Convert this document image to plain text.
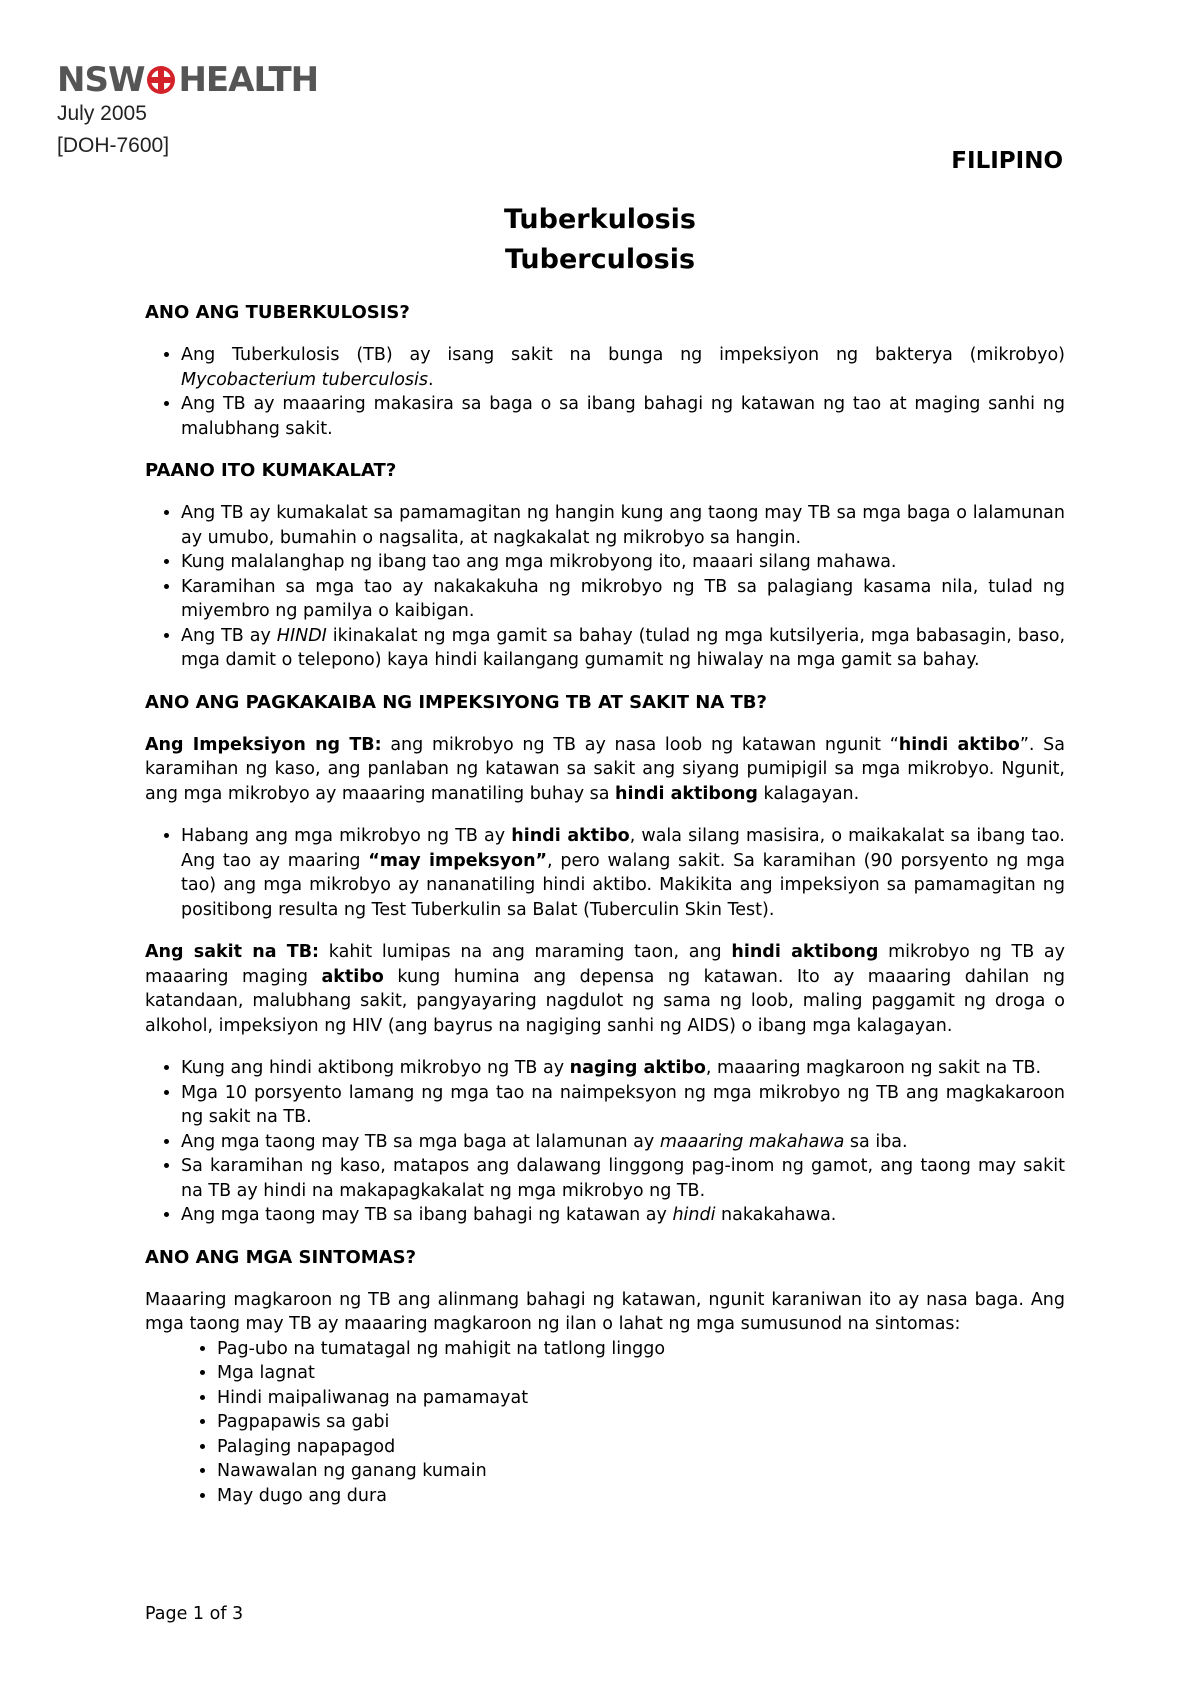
NSW HEALTH
July 2005
[DOH-7600]
FILIPINO
Tuberkulosis
Tuberculosis
ANO ANG TUBERKULOSIS?
• Ang Tuberkulosis (TB) ay isang sakit na bunga ng impeksiyon ng bakterya (mikrobyo) Mycobacterium tuberculosis.
• Ang TB ay maaaring makasira sa baga o sa ibang bahagi ng katawan ng tao at maging sanhi ng malubhang sakit.
PAANO ITO KUMAKALAT?
• Ang TB ay kumakalat sa pamamagitan ng hangin kung ang taong may TB sa mga baga o lalamunan ay umubo, bumahin o nagsalita, at nagkakalat ng mikrobyo sa hangin.
• Kung malalanghap ng ibang tao ang mga mikrobyong ito, maaari silang mahawa.
• Karamihan sa mga tao ay nakakakuha ng mikrobyo ng TB sa palagiang kasama nila, tulad ng miyembro ng pamilya o kaibigan.
• Ang TB ay HINDI ikinakalat ng mga gamit sa bahay (tulad ng mga kutsilyeria, mga babasagin, baso, mga damit o telepono) kaya hindi kailangang gumamit ng hiwalay na mga gamit sa bahay.
ANO ANG PAGKAKAIBA NG IMPEKSIYONG TB AT SAKIT NA TB?

Ang Impeksiyon ng TB: ang mikrobyo ng TB ay nasa loob ng katawan ngunit “hindi aktibo”. Sa karamihan ng kaso, ang panlaban ng katawan sa sakit ang siyang pumipigil sa mga mikrobyo. Ngunit, ang mga mikrobyo ay maaaring manatiling buhay sa hindi aktibong kalagayan.

• Habang ang mga mikrobyo ng TB ay hindi aktibo, wala silang masisira, o maikakalat sa ibang tao. Ang tao ay maaring “may impeksyon”, pero walang sakit. Sa karamihan (90 porsyento ng mga tao) ang mga mikrobyo ay nananatiling hindi aktibo. Makikita ang impeksiyon sa pamamagitan ng positibong resulta ng Test Tuberkulin sa Balat (Tuberculin Skin Test).

Ang sakit na TB: kahit lumipas na ang maraming taon, ang hindi aktibong mikrobyo ng TB ay maaaring maging aktibo kung humina ang depensa ng katawan. Ito ay maaaring dahilan ng katandaan, malubhang sakit, pangyayaring nagdulot ng sama ng loob, maling paggamit ng droga o alkohol, impeksiyon ng HIV (ang bayrus na nagiging sanhi ng AIDS) o ibang mga kalagayan.

• Kung ang hindi aktibong mikrobyo ng TB ay naging aktibo, maaaring magkaroon ng sakit na TB.
• Mga 10 porsyento lamang ng mga tao na naimpeksyon ng mga mikrobyo ng TB ang magkakaroon ng sakit na TB.
• Ang mga taong may TB sa mga baga at lalamunan ay maaaring makahawa sa iba.
• Sa karamihan ng kaso, matapos ang dalawang linggong pag-inom ng gamot, ang taong may sakit na TB ay hindi na makapagkakalat ng mga mikrobyo ng TB.
• Ang mga taong may TB sa ibang bahagi ng katawan ay hindi nakakahawa.
ANO ANG MGA SINTOMAS?

Maaaring magkaroon ng TB ang alinmang bahagi ng katawan, ngunit karaniwan ito ay nasa baga. Ang mga taong may TB ay maaaring magkaroon ng ilan o lahat ng mga sumusunod na sintomas:

• Pag-ubo na tumatagal ng mahigit na tatlong linggo
• Mga lagnat
• Hindi maipaliwanag na pamamayat
• Pagpapawis sa gabi
• Palaging napapagod
• Nawawalan ng ganang kumain
• May dugo ang dura
Page 1 of 3
